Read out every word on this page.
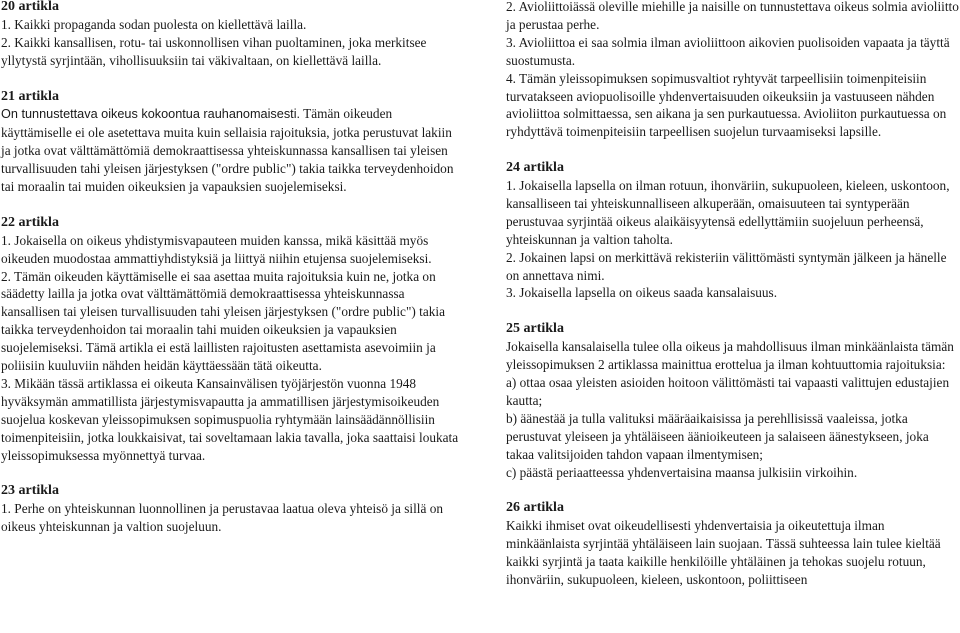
20 artikla

1. Kaikki propaganda sodan puolesta on kiellettävä lailla.

2. Kaikki kansallisen, rotu- tai uskonnollisen vihan puoltaminen, joka merkitsee yllytystä syrjintään, vihollisuuksiin tai väkivaltaan, on kiellettävä lailla.

21 artikla

On tunnustettava oikeus kokoontua rauhanomaisesti. Tämän oikeuden käyttämiselle ei ole asetettava muita kuin sellaisia rajoituksia, jotka perustuvat lakiin ja jotka ovat välttämättömiä demokraattisessa yhteiskunnassa kansallisen tai yleisen turvallisuuden tahi yleisen järjestyksen ("ordre public") takia taikka terveydenhoidon tai moraalin tai muiden oikeuksien ja vapauksien suojelemiseksi.

22 artikla

1. Jokaisella on oikeus yhdistymisvapauteen muiden kanssa, mikä käsittää myös oikeuden muodostaa ammattiyhdistyksiä ja liittyä niihin etujensa suojelemiseksi.

2. Tämän oikeuden käyttämiselle ei saa asettaa muita rajoituksia kuin ne, jotka on säädetty lailla ja jotka ovat välttämättömiä demokraattisessa yhteiskunnassa kansallisen tai yleisen turvallisuuden tahi yleisen järjestyksen ("ordre public") takia taikka terveydenhoidon tai moraalin tahi muiden oikeuksien ja vapauksien suojelemiseksi. Tämä artikla ei estä laillisten rajoitusten asettamista asevoimiin ja poliisiin kuuluviin nähden heidän käyttäessään tätä oikeutta.

3. Mikään tässä artiklassa ei oikeuta Kansainvälisen työjärjestön vuonna 1948 hyväksymän ammatillista järjestymisvapautta ja ammatillisen järjestymisoikeuden suojelua koskevan yleissopimuksen sopimuspuolia ryhtymään lainsäädännöllisiin toimenpiteisiin, jotka loukkaisivat, tai soveltamaan lakia tavalla, joka saattaisi loukata yleissopimuksessa myönnettyä turvaa.

23 artikla

1. Perhe on yhteiskunnan luonnollinen ja perustavaa laatua oleva yhteisö ja sillä on oikeus yhteiskunnan ja valtion suojeluun.

2. Avioliittoiässä oleville miehille ja naisille on tunnustettava oikeus solmia avioliitto ja perustaa perhe.

3. Avioliittoa ei saa solmia ilman avioliittoon aikovien puolisoiden vapaata ja täyttä suostumusta.

4. Tämän yleissopimuksen sopimusvaltiot ryhtyvät tarpeellisiin toimenpiteisiin turvatakseen aviopuolisoille yhdenvertaisuuden oikeuksiin ja vastuuseen nähden avioliittoa solmittaessa, sen aikana ja sen purkautuessa. Avioliiton purkautuessa on ryhdyttävä toimenpiteisiin tarpeellisen suojelun turvaamiseksi lapsille.

24 artikla

1. Jokaisella lapsella on ilman rotuun, ihonväriin, sukupuoleen, kieleen, uskontoon, kansalliseen tai yhteiskunnalliseen alkuperään, omaisuuteen tai syntyperään perustuvaa syrjintää oikeus alaikäisyytensä edellyttämiin suojeluun perheensä, yhteiskunnan ja valtion taholta.

2. Jokainen lapsi on merkittävä rekisteriin välittömästi syntymän jälkeen ja hänelle on annettava nimi.

3. Jokaisella lapsella on oikeus saada kansalaisuus.

25 artikla

Jokaisella kansalaisella tulee olla oikeus ja mahdollisuus ilman minkäänlaista tämän yleissopimuksen 2 artiklassa mainittua erottelua ja ilman kohtuuttomia rajoituksia:

a) ottaa osaa yleisten asioiden hoitoon välittömästi tai vapaasti valittujen edustajien kautta;

b) äänestää ja tulla valituksi määräaikaisissa ja perehllisissä vaaleissa, jotka perustuvat yleiseen ja yhtäläiseen äänioikeuteen ja salaiseen äänestykseen, joka takaa valitsijoiden tahdon vapaan ilmentymisen;

c) päästä periaatteessa yhdenvertaisina maansa julkisiin virkoihin.

26 artikla

Kaikki ihmiset ovat oikeudellisesti yhdenvertaisia ja oikeutettuja ilman minkäänlaista syrjintää yhtäläiseen lain suojaan. Tässä suhteessa lain tulee kieltää kaikki syrjintä ja taata kaikille henkilöille yhtäläinen ja tehokas suojelu rotuun, ihonväriin, sukupuoleen, kieleen, uskontoon, poliittiseen
